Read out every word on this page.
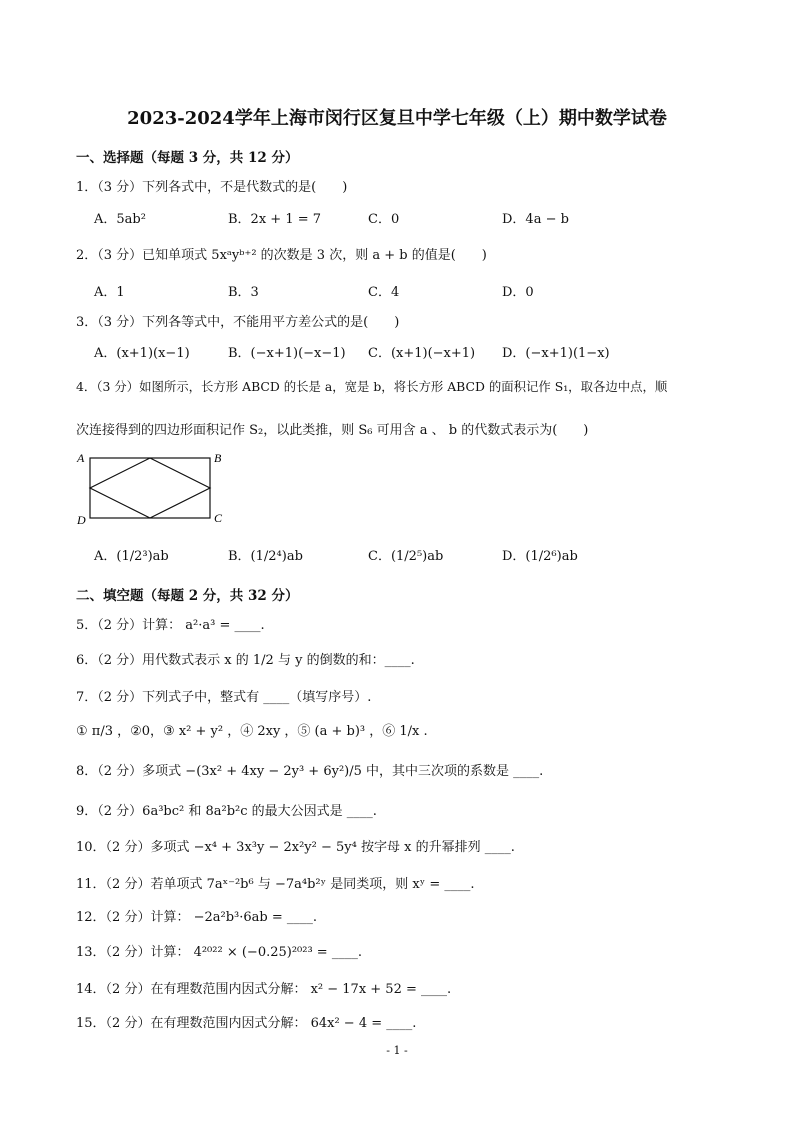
2023-2024学年上海市闵行区复旦中学七年级（上）期中数学试卷
一、选择题（每题 3 分，共 12 分）
1．（3 分）下列各式中，不是代数式的是(　　)
A．5ab²	B．2x + 1 = 7	C．0	D．4a − b
2．（3 分）已知单项式 5xᵃyᵇ⁺² 的次数是 3 次，则 a + b 的值是(　　)
A．1	B．3	C．4	D．0
3．（3 分）下列各等式中，不能用平方差公式的是(　　)
A．(x+1)(x−1)	B．(−x+1)(−x−1) C．(x+1)(−x+1) D．(−x+1)(1−x)
4．（3 分）如图所示，长方形 ABCD 的长是 a，宽是 b，将长方形 ABCD 的面积记作 S₁，取各边中点，顺
次连接得到的四边形面积记作 S₂，以此类推，则 S₆ 可用含 a 、 b 的代数式表示为(　　)
A	B
C
D
A．(1/2³)ab	B．(1/2⁴)ab	C．(1/2⁵)ab	D．(1/2⁶)ab
二、填空题（每题 2 分，共 32 分）
5．（2 分）计算： a²·a³ = ____.
6．（2 分）用代数式表示 x 的 1/2 与 y 的倒数的和：____.
7．（2 分）下列式子中，整式有 ____（填写序号）.
① π/3 ，②0，③ x² + y² ，④ 2xy ，⑤ (a + b)³ ，⑥ 1/x .
8．（2 分）多项式 −(3x² + 4xy − 2y³ + 6y²)/5 中，其中三次项的系数是 ____.
9．（2 分）6a³bc² 和 8a²b²c 的最大公因式是 ____.
10．（2 分）多项式 −x⁴ + 3x³y − 2x²y² − 5y⁴ 按字母 x 的升幂排列 ____.
11．（2 分）若单项式 7aˣ⁻²b⁶ 与 −7a⁴b²ʸ 是同类项，则 xʸ = ____.
12．（2 分）计算： −2a²b³·6ab = ____.
13．（2 分）计算： 4²⁰²² × (−0.25)²⁰²³ = ____.
14．（2 分）在有理数范围内因式分解： x² − 17x + 52 = ____.
15．（2 分）在有理数范围内因式分解： 64x² − 4 = ____.
- 1 -
